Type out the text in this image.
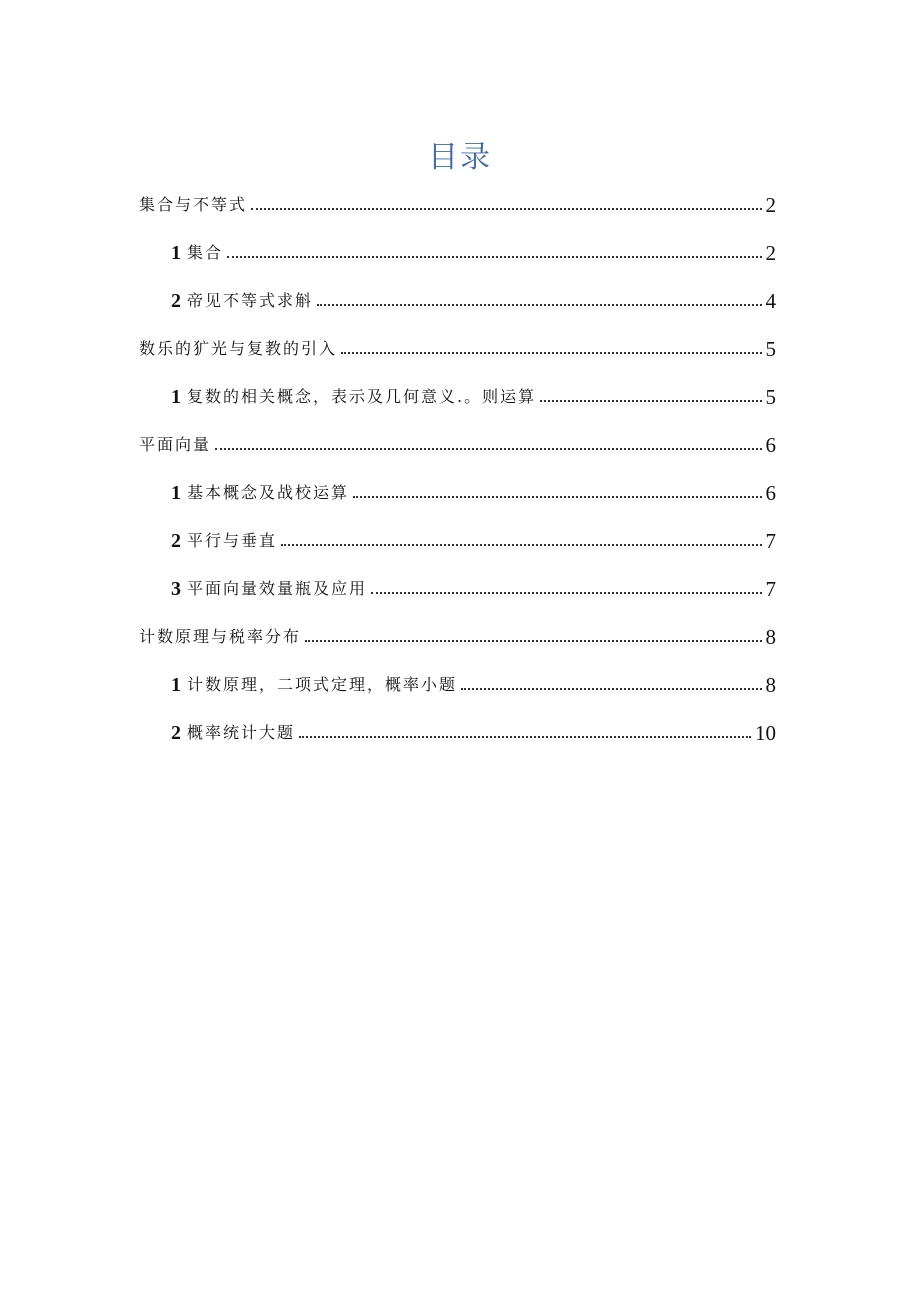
目录
集合与不等式	2
1 集合	2
2 帝见不等式求斛	4
数乐的犷光与复教的引入	5
1 复数的相关概念，表示及几何意义.。则运算	5
平面向量	6
1 基本概念及战校运算	6
2 平行与垂直	7
3 平面向量效量瓶及应用	7
计数原理与税率分布	8
1 计数原理，二项式定理，概率小题	8
2 概率统计大题	10
